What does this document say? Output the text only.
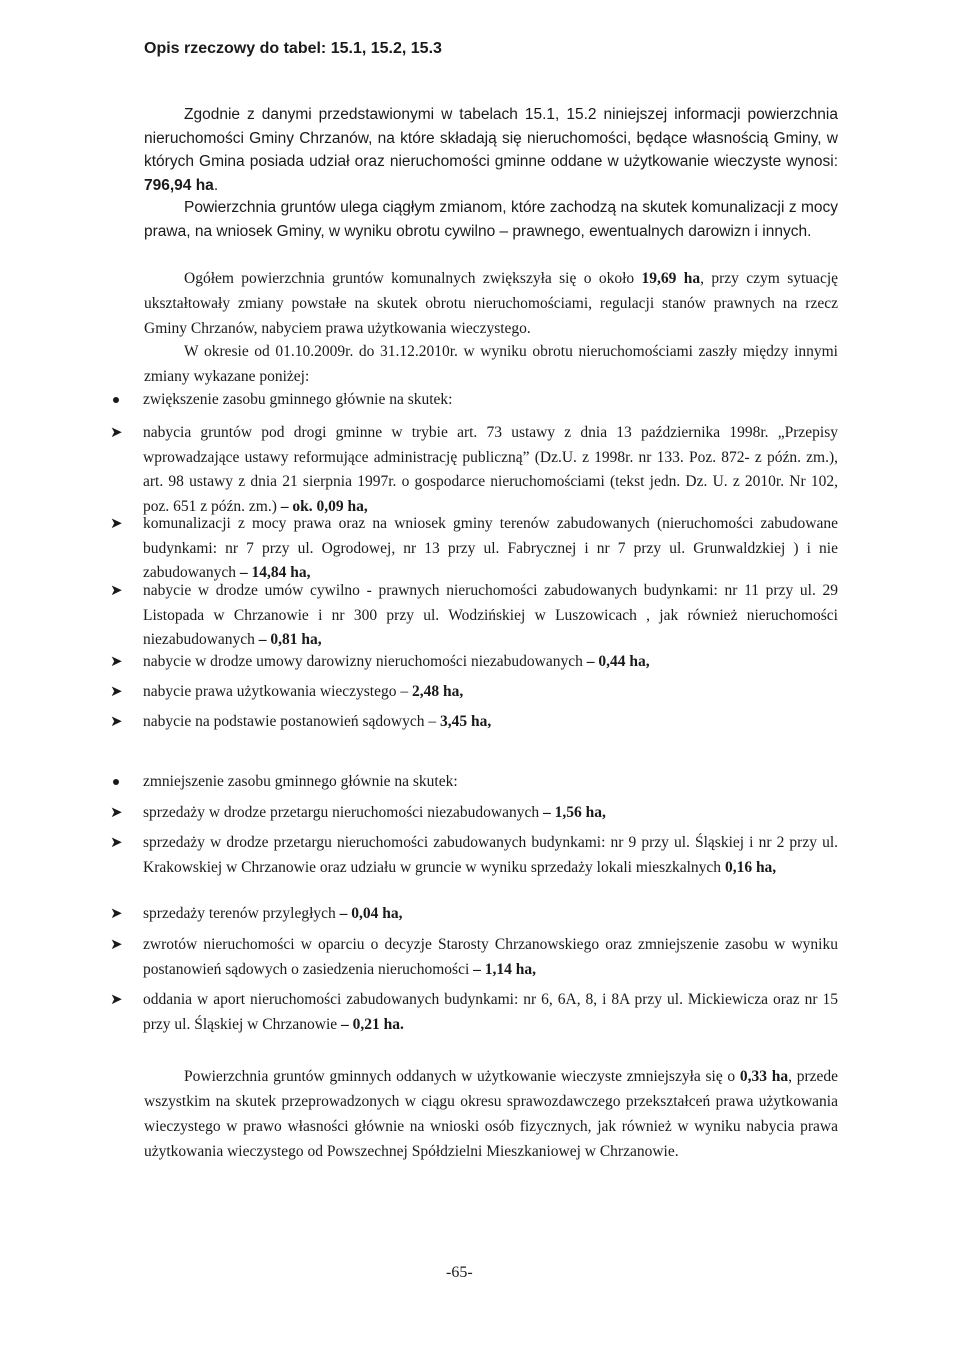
Opis rzeczowy do tabel: 15.1, 15.2, 15.3
Zgodnie z danymi przedstawionymi w tabelach 15.1, 15.2 niniejszej informacji powierzchnia nieruchomości Gminy Chrzanów, na które składają się nieruchomości, będące własnością Gminy, w których Gmina posiada udział oraz nieruchomości gminne oddane w użytkowanie wieczyste wynosi: 796,94 ha.
Powierzchnia gruntów ulega ciągłym zmianom, które zachodzą na skutek komunalizacji z mocy prawa, na wniosek Gminy, w wyniku obrotu cywilno – prawnego, ewentualnych darowizn i innych.
Ogółem powierzchnia gruntów komunalnych zwiększyła się o około 19,69 ha, przy czym sytuację ukształtowały zmiany powstałe na skutek obrotu nieruchomościami, regulacji stanów prawnych na rzecz Gminy Chrzanów, nabyciem prawa użytkowania wieczystego.
W okresie od 01.10.2009r. do 31.12.2010r. w wyniku obrotu nieruchomościami zaszły między innymi zmiany wykazane poniżej:
zwiększenie zasobu gminnego głównie na skutek:
➤ nabycia gruntów pod drogi gminne w trybie art. 73 ustawy z dnia 13 października 1998r. „Przepisy wprowadzające ustawy reformujące administrację publiczną” (Dz.U. z 1998r. nr 133. Poz. 872- z późn. zm.), art. 98 ustawy z dnia 21 sierpnia 1997r. o gospodarce nieruchomościami (tekst jedn. Dz. U. z 2010r. Nr 102, poz. 651 z późn. zm.) – ok. 0,09 ha,
➤ komunalizacji z mocy prawa oraz na wniosek gminy terenów zabudowanych (nieruchomości zabudowane budynkami: nr 7 przy ul. Ogrodowej, nr 13 przy ul. Fabrycznej i nr 7 przy ul. Grunwaldzkiej ) i nie zabudowanych – 14,84 ha,
➤ nabycie w drodze umów cywilno - prawnych nieruchomości zabudowanych budynkami: nr 11 przy ul. 29 Listopada w Chrzanowie i nr 300 przy ul. Wodzińskiej w Luszowicach , jak również nieruchomości niezabudowanych – 0,81 ha,
➤ nabycie w drodze umowy darowizny nieruchomości niezabudowanych – 0,44 ha,
➤ nabycie prawa użytkowania wieczystego – 2,48 ha,
➤ nabycie na podstawie postanowień sądowych – 3,45 ha,
zmniejszenie zasobu gminnego głównie na skutek:
➤ sprzedaży w drodze przetargu nieruchomości niezabudowanych – 1,56 ha,
➤ sprzedaży w drodze przetargu nieruchomości zabudowanych budynkami: nr 9 przy ul. Śląskiej i nr 2 przy ul. Krakowskiej w Chrzanowie oraz udziału w gruncie w wyniku sprzedaży lokali mieszkalnych 0,16 ha,
➤ sprzedaży terenów przyległych – 0,04 ha,
➤ zwrotów nieruchomości w oparciu o decyzje Starosty Chrzanowskiego oraz zmniejszenie zasobu w wyniku postanowień sądowych o zasiedzenia nieruchomości – 1,14 ha,
➤ oddania w aport nieruchomości zabudowanych budynkami: nr 6, 6A, 8, i 8A przy ul. Mickiewicza oraz nr 15 przy ul. Śląskiej w Chrzanowie – 0,21 ha.
Powierzchnia gruntów gminnych oddanych w użytkowanie wieczyste zmniejszyła się o 0,33 ha, przede wszystkim na skutek przeprowadzonych w ciągu okresu sprawozdawczego przekształceń prawa użytkowania wieczystego w prawo własności głównie na wnioski osób fizycznych, jak również w wyniku nabycia prawa użytkowania wieczystego od Powszechnej Spółdzielni Mieszkaniowej w Chrzanowie.
-65-
